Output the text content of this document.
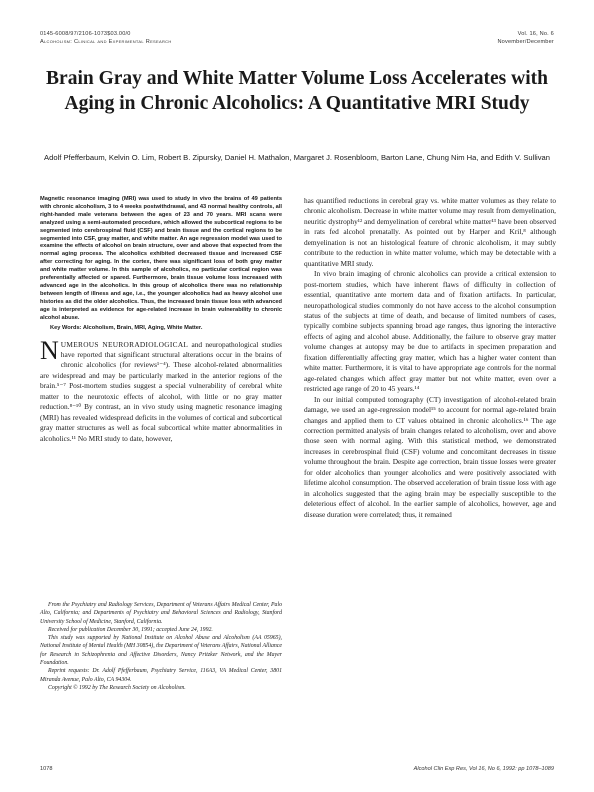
0145-6008/97/2106-1073$03.00/0
Alcoholism: Clinical and Experimental Research
Vol. 16, No. 6
November/December
Brain Gray and White Matter Volume Loss Accelerates with Aging in Chronic Alcoholics: A Quantitative MRI Study
Adolf Pfefferbaum, Kelvin O. Lim, Robert B. Zipursky, Daniel H. Mathalon, Margaret J. Rosenbloom, Barton Lane, Chung Nim Ha, and Edith V. Sullivan

Magnetic resonance imaging (MRI) was used to study in vivo the brains of 49 patients with chronic alcoholism, 3 to 4 weeks postwithdrawal, and 43 normal healthy controls, all right-handed male veterans between the ages of 23 and 70 years. MRI scans were analyzed using a semi-automated procedure, which allowed the subcortical regions to be segmented into cerebrospinal fluid (CSF) and brain tissue and the cortical regions to be segmented into CSF, gray matter, and white matter. An age regression model was used to examine the effects of alcohol on brain structure, over and above that expected from the normal aging process. The alcoholics exhibited decreased tissue and increased CSF after correcting for aging. In the cortex, there was significant loss of both gray matter and white matter volume. In this sample of alcoholics, no particular cortical region was preferentially affected or spared. Furthermore, brain tissue volume loss increased with advanced age in the alcoholics. In this group of alcoholics there was no relationship between length of illness and age, i.e., the younger alcoholics had as heavy alcohol use histories as did the older alcoholics. Thus, the increased brain tissue loss with advanced age is interpreted as evidence for age-related increase in brain vulnerability to chronic alcohol abuse.

Key Words: Alcoholism, Brain, MRI, Aging, White Matter.

NUMEROUS NEURORADIOLOGICAL and neuropathological studies have reported that significant structural alterations occur in the brains of chronic alcoholics (for reviews¹⁻⁴). These alcohol-related abnormalities are widespread and may be particularly marked in the anterior regions of the brain.⁵⁻⁷ Post-mortem studies suggest a special vulnerability of cerebral white matter to the neurotoxic effects of alcohol, with little or no gray matter reduction.⁸⁻¹⁰ By contrast, an in vivo study using magnetic resonance imaging (MRI) has revealed widespread deficits in the volumes of cortical and subcortical gray matter structures as well as focal subcortical white matter abnormalities in alcoholics.¹¹ No MRI study to date, however,

From the Psychiatry and Radiology Services, Department of Veterans Affairs Medical Center, Palo Alto, California; and Departments of Psychiatry and Behavioral Sciences and Radiology, Stanford University School of Medicine, Stanford, California.

Received for publication December 30, 1991; accepted June 24, 1992.

This study was supported by National Institute on Alcohol Abuse and Alcoholism (AA 05965), National Institute of Mental Health (MH 30854), the Department of Veterans Affairs, National Alliance for Research in Schizophrenia and Affective Disorders, Nancy Pritzker Network, and the Mayer Foundation.

Reprint requests: Dr. Adolf Pfefferbaum, Psychiatry Service, 116A3, VA Medical Center, 3801 Miranda Avenue, Palo Alto, CA 94304.

Copyright © 1992 by The Research Society on Alcoholism.

has quantified reductions in cerebral gray vs. white matter volumes as they relate to chronic alcoholism. Decrease in white matter volume may result from demyelination, neuritic dystrophy¹² and demyelination of cerebral white matter¹³ have been observed in rats fed alcohol prenatally. As pointed out by Harper and Kril,⁸ although demyelination is not an histological feature of chronic alcoholism, it may subtly contribute to the reduction in white matter volume, which may be detectable with a quantitative MRI study.

In vivo brain imaging of chronic alcoholics can provide a critical extension to post-mortem studies, which have inherent flaws of difficulty in collection of essential, quantitative ante mortem data and of fixation artifacts. In particular, neuropathological studies commonly do not have access to the alcohol consumption status of the subjects at time of death, and because of limited numbers of cases, typically combine subjects spanning broad age ranges, thus ignoring the interactive effects of aging and alcohol abuse. Additionally, the failure to observe gray matter volume changes at autopsy may be due to artifacts in specimen preparation and fixation differentially affecting gray matter, which has a higher water content than white matter. Furthermore, it is vital to have appropriate age controls for the normal age-related changes which affect gray matter but not white matter, even over a restricted age range of 20 to 45 years.¹⁴

In our initial computed tomography (CT) investigation of alcohol-related brain damage, we used an age-regression model¹⁵ to account for normal age-related brain changes and applied them to CT values obtained in chronic alcoholics.¹⁶ The age correction permitted analysis of brain changes related to alcoholism, over and above those seen with normal aging. With this statistical method, we demonstrated increases in cerebrospinal fluid (CSF) volume and concomitant decreases in tissue volume throughout the brain. Despite age correction, brain tissue losses were greater for older alcoholics than younger alcoholics and were positively associated with lifetime alcohol consumption. The observed acceleration of brain tissue loss with age in alcoholics suggested that the aging brain may be especially susceptible to the deleterious effect of alcohol. In the earlier sample of alcoholics, however, age and disease duration were correlated; thus, it remained

1078	Alcohol Clin Exp Res, Vol 16, No 6, 1992: pp 1078–1089
